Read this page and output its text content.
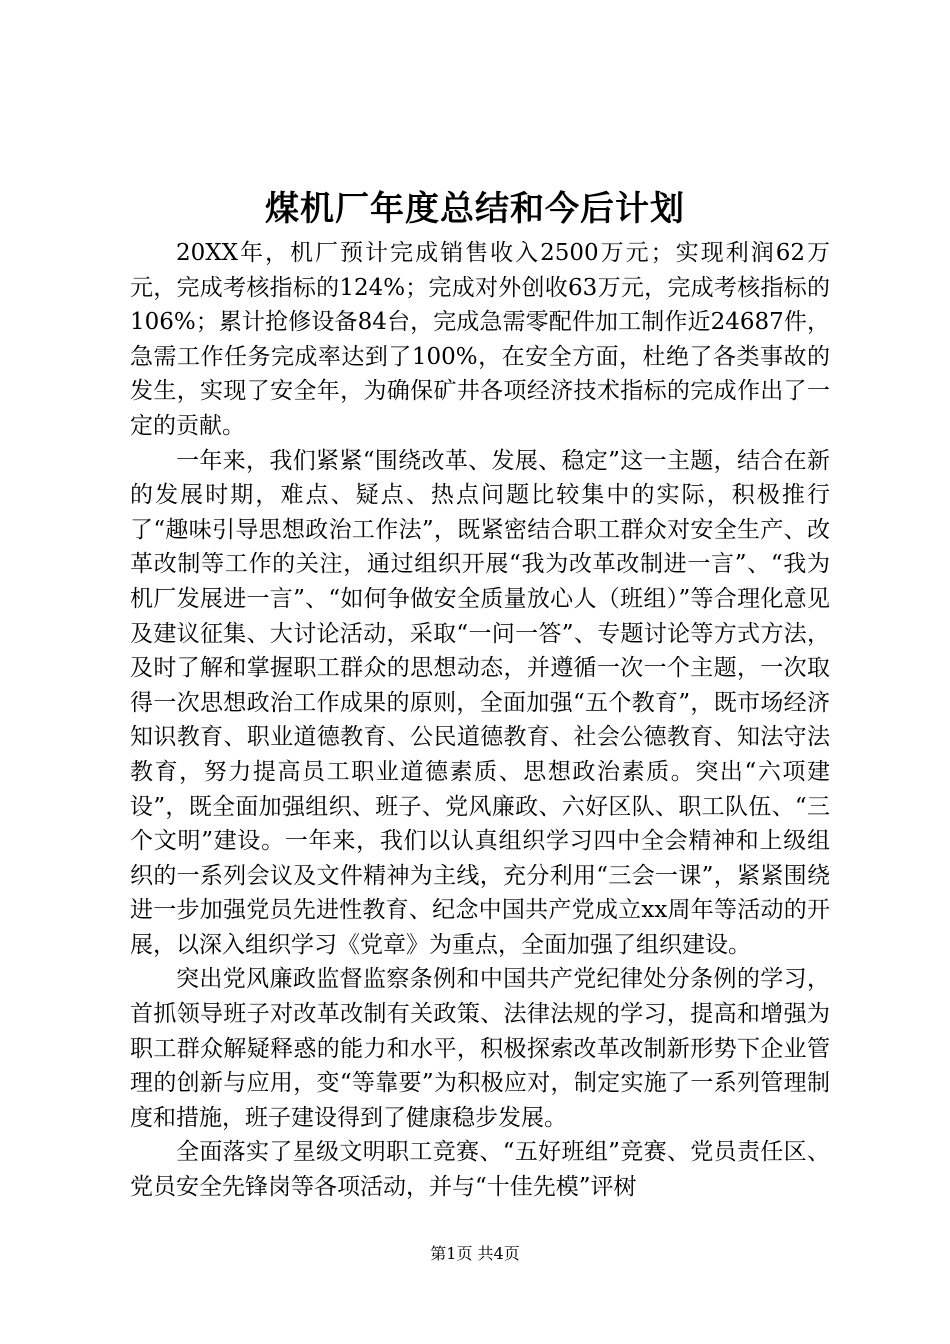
煤机厂年度总结和今后计划

20XX年，机厂预计完成销售收入2500万元；实现利润62万元，完成考核指标的124%；完成对外创收63万元，完成考核指标的106%；累计抢修设备84台，完成急需零配件加工制作近24687件，急需工作任务完成率达到了100%，在安全方面，杜绝了各类事故的发生，实现了安全年，为确保矿井各项经济技术指标的完成作出了一定的贡献。

一年来，我们紧紧“围绕改革、发展、稳定”这一主题，结合在新的发展时期，难点、疑点、热点问题比较集中的实际，积极推行了“趣味引导思想政治工作法”，既紧密结合职工群众对安全生产、改革改制等工作的关注，通过组织开展“我为改革改制进一言”、“我为机厂发展进一言”、“如何争做安全质量放心人（班组）”等合理化意见及建议征集、大讨论活动，采取“一问一答”、专题讨论等方式方法，及时了解和掌握职工群众的思想动态，并遵循一次一个主题，一次取得一次思想政治工作成果的原则，全面加强“五个教育”，既市场经济知识教育、职业道德教育、公民道德教育、社会公德教育、知法守法教育，努力提高员工职业道德素质、思想政治素质。突出“六项建设”，既全面加强组织、班子、党风廉政、六好区队、职工队伍、“三个文明”建设。一年来，我们以认真组织学习四中全会精神和上级组织的一系列会议及文件精神为主线，充分利用“三会一课”，紧紧围绕进一步加强党员先进性教育、纪念中国共产党成立xx周年等活动的开展，以深入组织学习《党章》为重点，全面加强了组织建设。

突出党风廉政监督监察条例和中国共产党纪律处分条例的学习，首抓领导班子对改革改制有关政策、法律法规的学习，提高和增强为职工群众解疑释惑的能力和水平，积极探索改革改制新形势下企业管理的创新与应用，变“等靠要”为积极应对，制定实施了一系列管理制度和措施，班子建设得到了健康稳步发展。

全面落实了星级文明职工竞赛、“五好班组”竞赛、党员责任区、党员安全先锋岗等各项活动，并与“十佳先模”评树

第1页 共4页
